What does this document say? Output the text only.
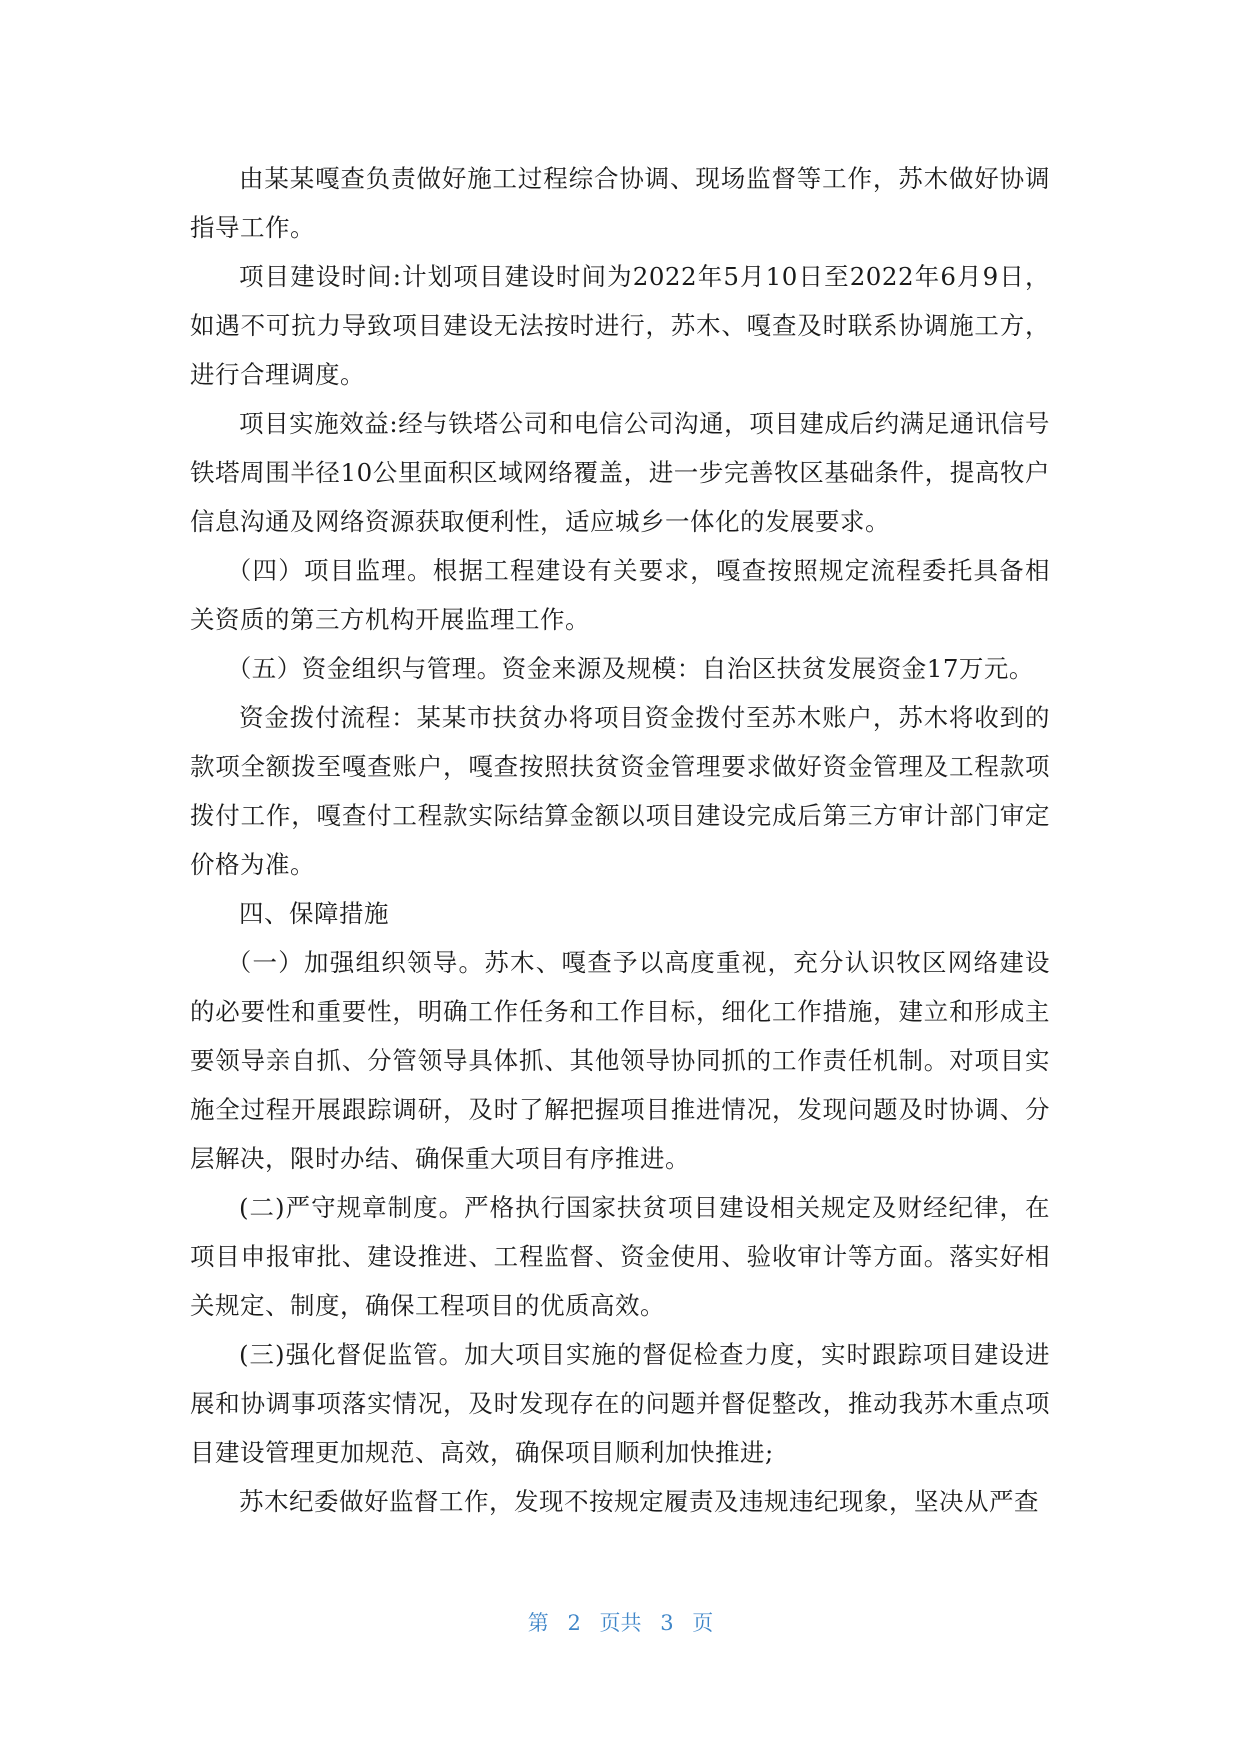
由某某嘎查负责做好施工过程综合协调、现场监督等工作，苏木做好协调指导工作。

项目建设时间:计划项目建设时间为2022年5月10日至2022年6月9日，如遇不可抗力导致项目建设无法按时进行，苏木、嘎查及时联系协调施工方，进行合理调度。

项目实施效益:经与铁塔公司和电信公司沟通，项目建成后约满足通讯信号铁塔周围半径10公里面积区域网络覆盖，进一步完善牧区基础条件，提高牧户信息沟通及网络资源获取便利性，适应城乡一体化的发展要求。

（四）项目监理。根据工程建设有关要求，嘎查按照规定流程委托具备相关资质的第三方机构开展监理工作。

（五）资金组织与管理。资金来源及规模：自治区扶贫发展资金17万元。

资金拨付流程：某某市扶贫办将项目资金拨付至苏木账户，苏木将收到的款项全额拨至嘎查账户，嘎查按照扶贫资金管理要求做好资金管理及工程款项拨付工作，嘎查付工程款实际结算金额以项目建设完成后第三方审计部门审定价格为准。

四、保障措施

（一）加强组织领导。苏木、嘎查予以高度重视，充分认识牧区网络建设的必要性和重要性，明确工作任务和工作目标，细化工作措施，建立和形成主要领导亲自抓、分管领导具体抓、其他领导协同抓的工作责任机制。对项目实施全过程开展跟踪调研，及时了解把握项目推进情况，发现问题及时协调、分层解决，限时办结、确保重大项目有序推进。

(二)严守规章制度。严格执行国家扶贫项目建设相关规定及财经纪律，在项目申报审批、建设推进、工程监督、资金使用、验收审计等方面。落实好相关规定、制度，确保工程项目的优质高效。

(三)强化督促监管。加大项目实施的督促检查力度，实时跟踪项目建设进展和协调事项落实情况，及时发现存在的问题并督促整改，推动我苏木重点项目建设管理更加规范、高效，确保项目顺利加快推进;

苏木纪委做好监督工作，发现不按规定履责及违规违纪现象，坚决从严查

第 2 页共 3 页
